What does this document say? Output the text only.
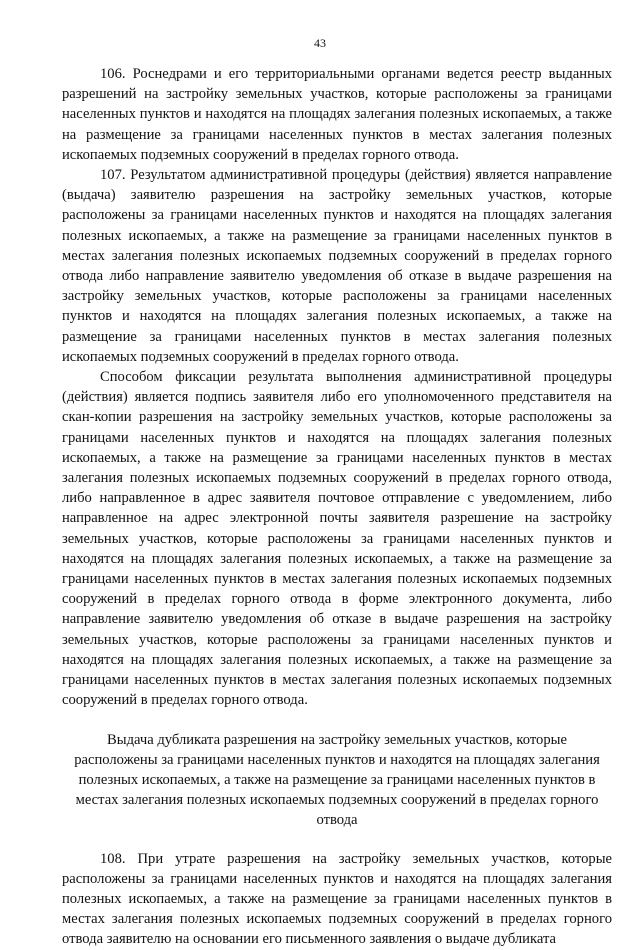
43

106. Роснедрами и его территориальными органами ведется реестр выданных разрешений на застройку земельных участков, которые расположены за границами населенных пунктов и находятся на площадях залегания полезных ископаемых, а также на размещение за границами населенных пунктов в местах залегания полезных ископаемых подземных сооружений в пределах горного отвода.

107. Результатом административной процедуры (действия) является направление (выдача) заявителю разрешения на застройку земельных участков, которые расположены за границами населенных пунктов и находятся на площадях залегания полезных ископаемых, а также на размещение за границами населенных пунктов в местах залегания полезных ископаемых подземных сооружений в пределах горного отвода либо направление заявителю уведомления об отказе в выдаче разрешения на застройку земельных участков, которые расположены за границами населенных пунктов и находятся на площадях залегания полезных ископаемых, а также на размещение за границами населенных пунктов в местах залегания полезных ископаемых подземных сооружений в пределах горного отвода.

Способом фиксации результата выполнения административной процедуры (действия) является подпись заявителя либо его уполномоченного представителя на скан-копии разрешения на застройку земельных участков, которые расположены за границами населенных пунктов и находятся на площадях залегания полезных ископаемых, а также на размещение за границами населенных пунктов в местах залегания полезных ископаемых подземных сооружений в пределах горного отвода, либо направленное в адрес заявителя почтовое отправление с уведомлением, либо направленное на адрес электронной почты заявителя разрешение на застройку земельных участков, которые расположены за границами населенных пунктов и находятся на площадях залегания полезных ископаемых, а также на размещение за границами населенных пунктов в местах залегания полезных ископаемых подземных сооружений в пределах горного отвода в форме электронного документа, либо направление заявителю уведомления об отказе в выдаче разрешения на застройку земельных участков, которые расположены за границами населенных пунктов и находятся на площадях залегания полезных ископаемых, а также на размещение за границами населенных пунктов в местах залегания полезных ископаемых подземных сооружений в пределах горного отвода.

Выдача дубликата разрешения на застройку земельных участков, которые расположены за границами населенных пунктов и находятся на площадях залегания полезных ископаемых, а также на размещение за границами населенных пунктов в местах залегания полезных ископаемых подземных сооружений в пределах горного отвода

108. При утрате разрешения на застройку земельных участков, которые расположены за границами населенных пунктов и находятся на площадях залегания полезных ископаемых, а также на размещение за границами населенных пунктов в местах залегания полезных ископаемых подземных сооружений в пределах горного отвода заявителю на основании его письменного заявления о выдаче дубликата
